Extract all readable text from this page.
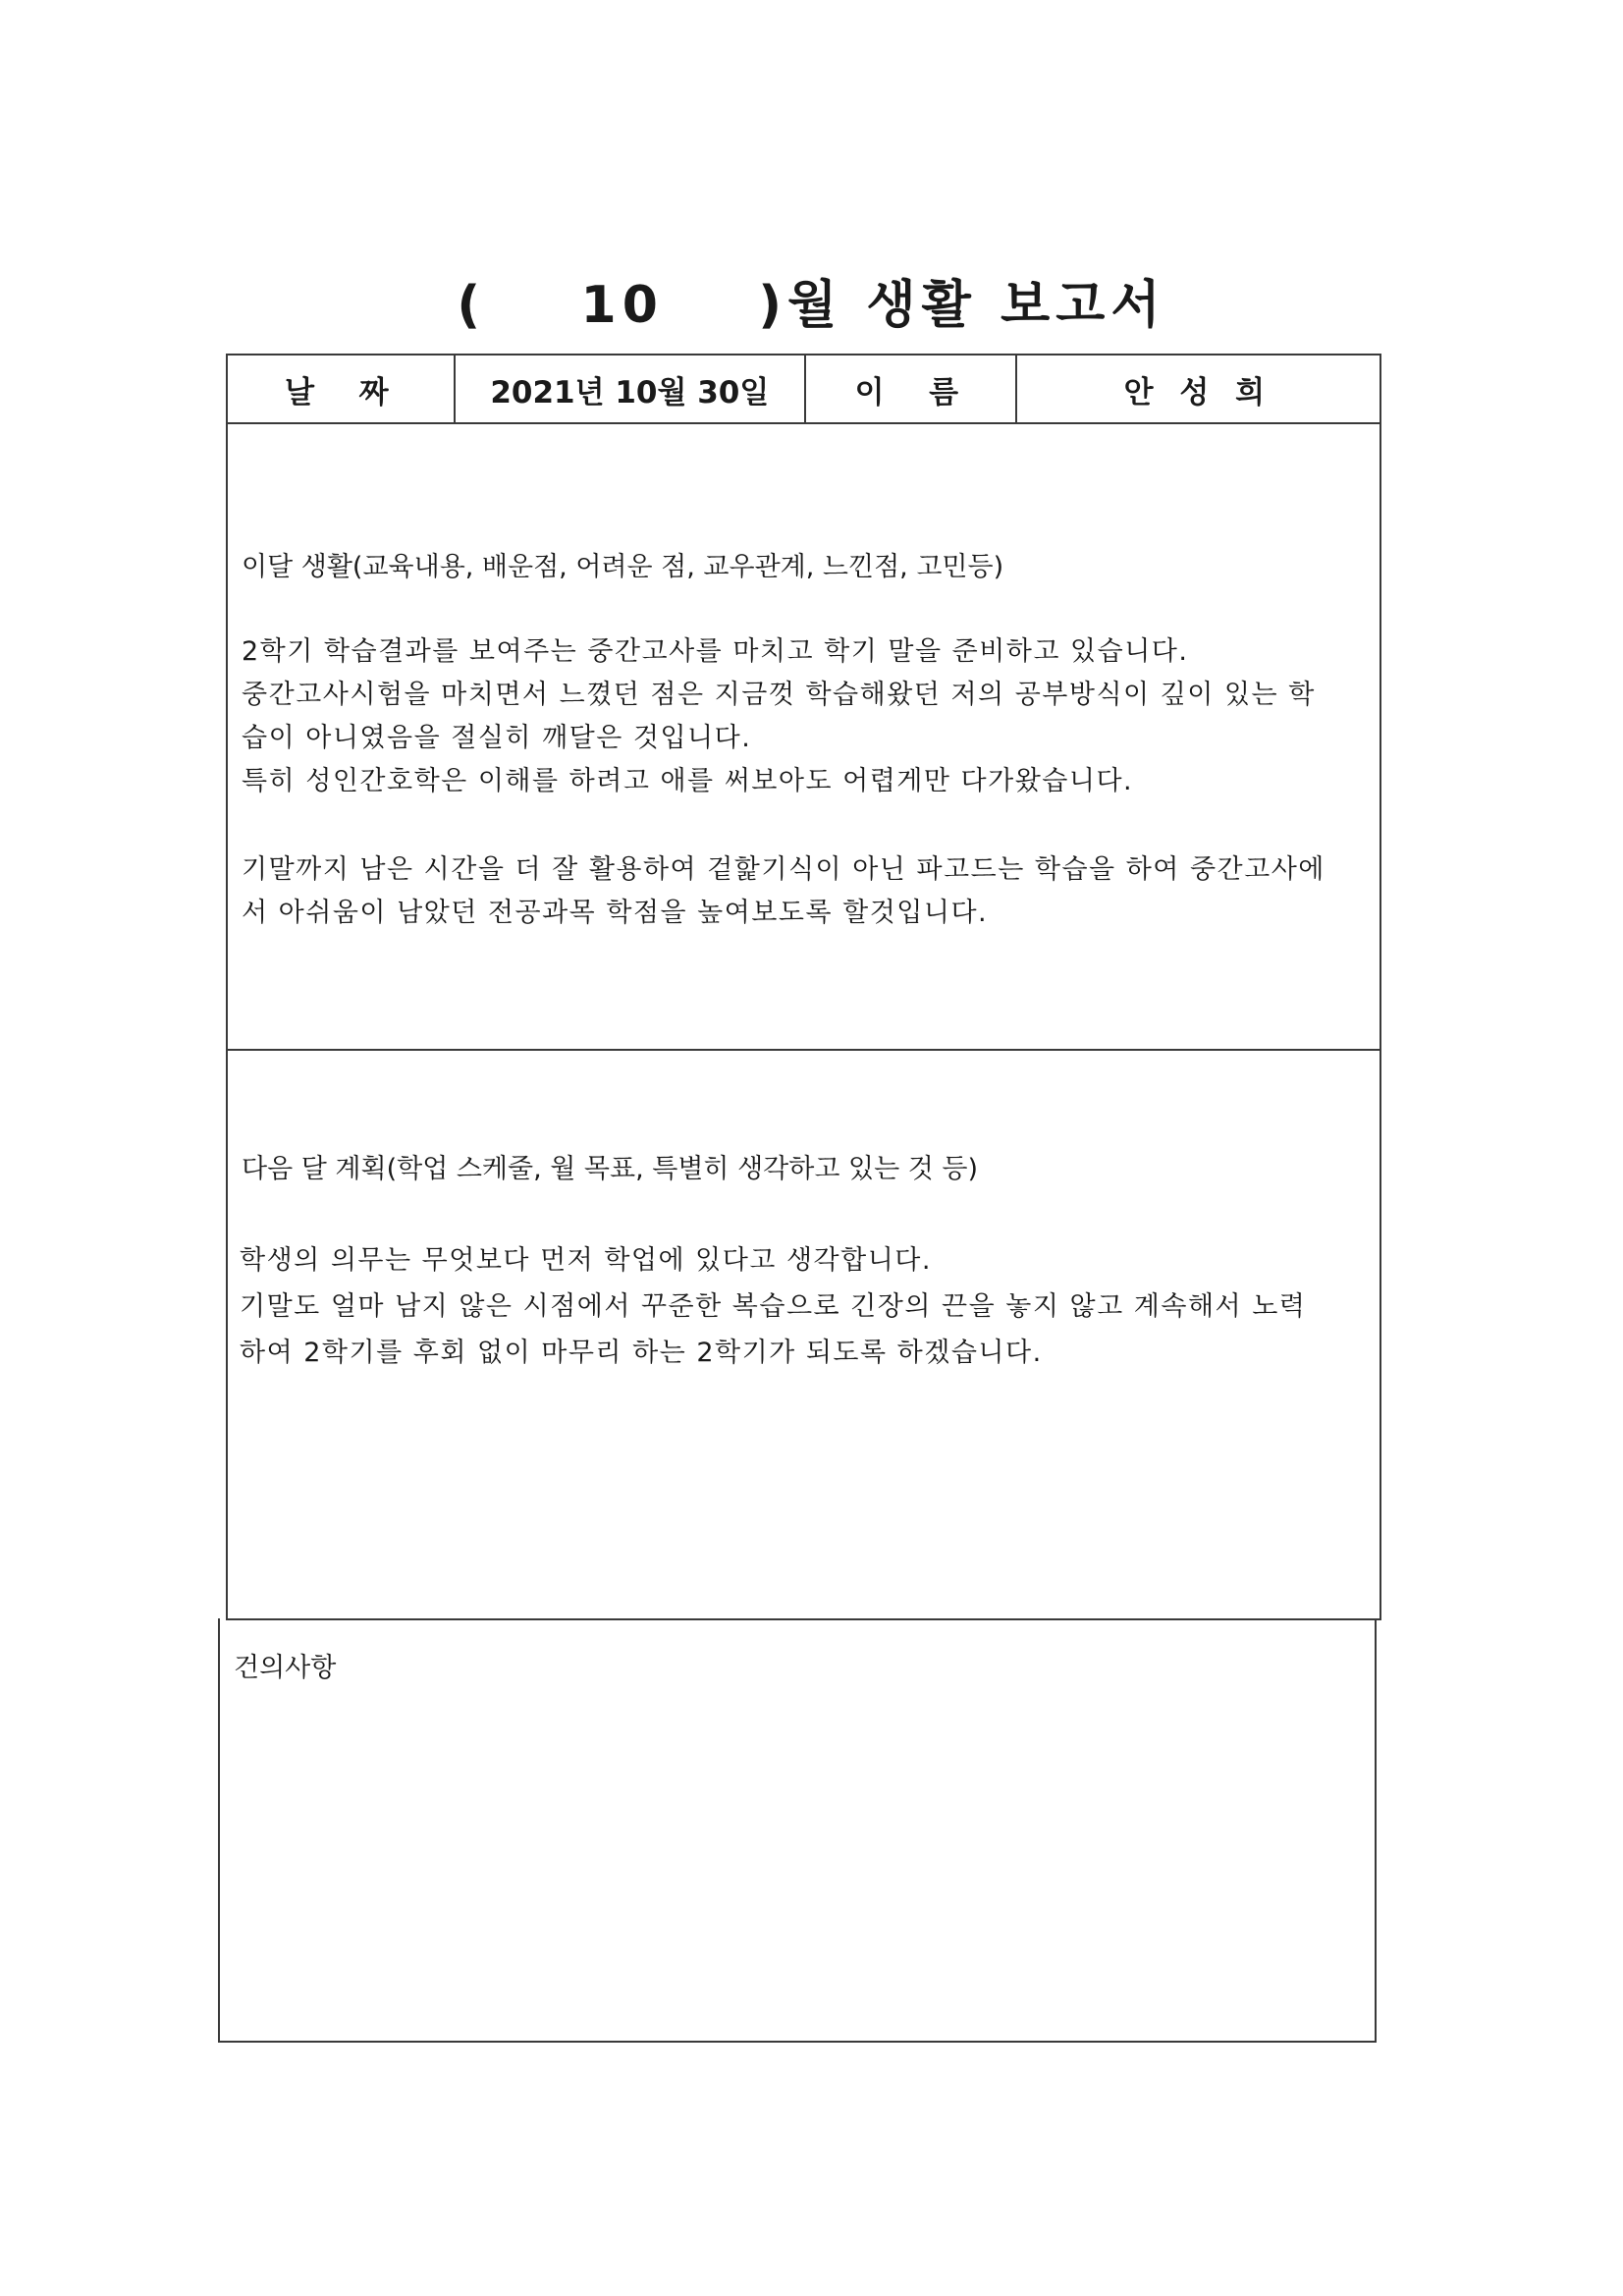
(    10    )월 생활 보고서
날  짜	2021년 10월 30일	이  름	안 성 희
이달 생활(교육내용, 배운점, 어려운 점, 교우관계, 느낀점, 고민등)
2학기 학습결과를 보여주는 중간고사를 마치고 학기 말을 준비하고 있습니다.
중간고사시험을 마치면서 느꼈던 점은 지금껏 학습해왔던 저의 공부방식이 깊이 있는 학
습이 아니였음을 절실히 깨달은 것입니다.
특히 성인간호학은 이해를 하려고 애를 써보아도 어렵게만 다가왔습니다.
기말까지 남은 시간을 더 잘 활용하여 겉핥기식이 아닌 파고드는 학습을 하여 중간고사에
서 아쉬움이 남았던 전공과목 학점을 높여보도록 할것입니다.
다음 달 계획(학업 스케줄, 월 목표, 특별히 생각하고 있는 것 등)
학생의 의무는 무엇보다 먼저 학업에 있다고 생각합니다.
기말도 얼마 남지 않은 시점에서 꾸준한 복습으로 긴장의 끈을 놓지 않고 계속해서 노력
하여 2학기를 후회 없이 마무리 하는 2학기가 되도록 하겠습니다.
건의사항
